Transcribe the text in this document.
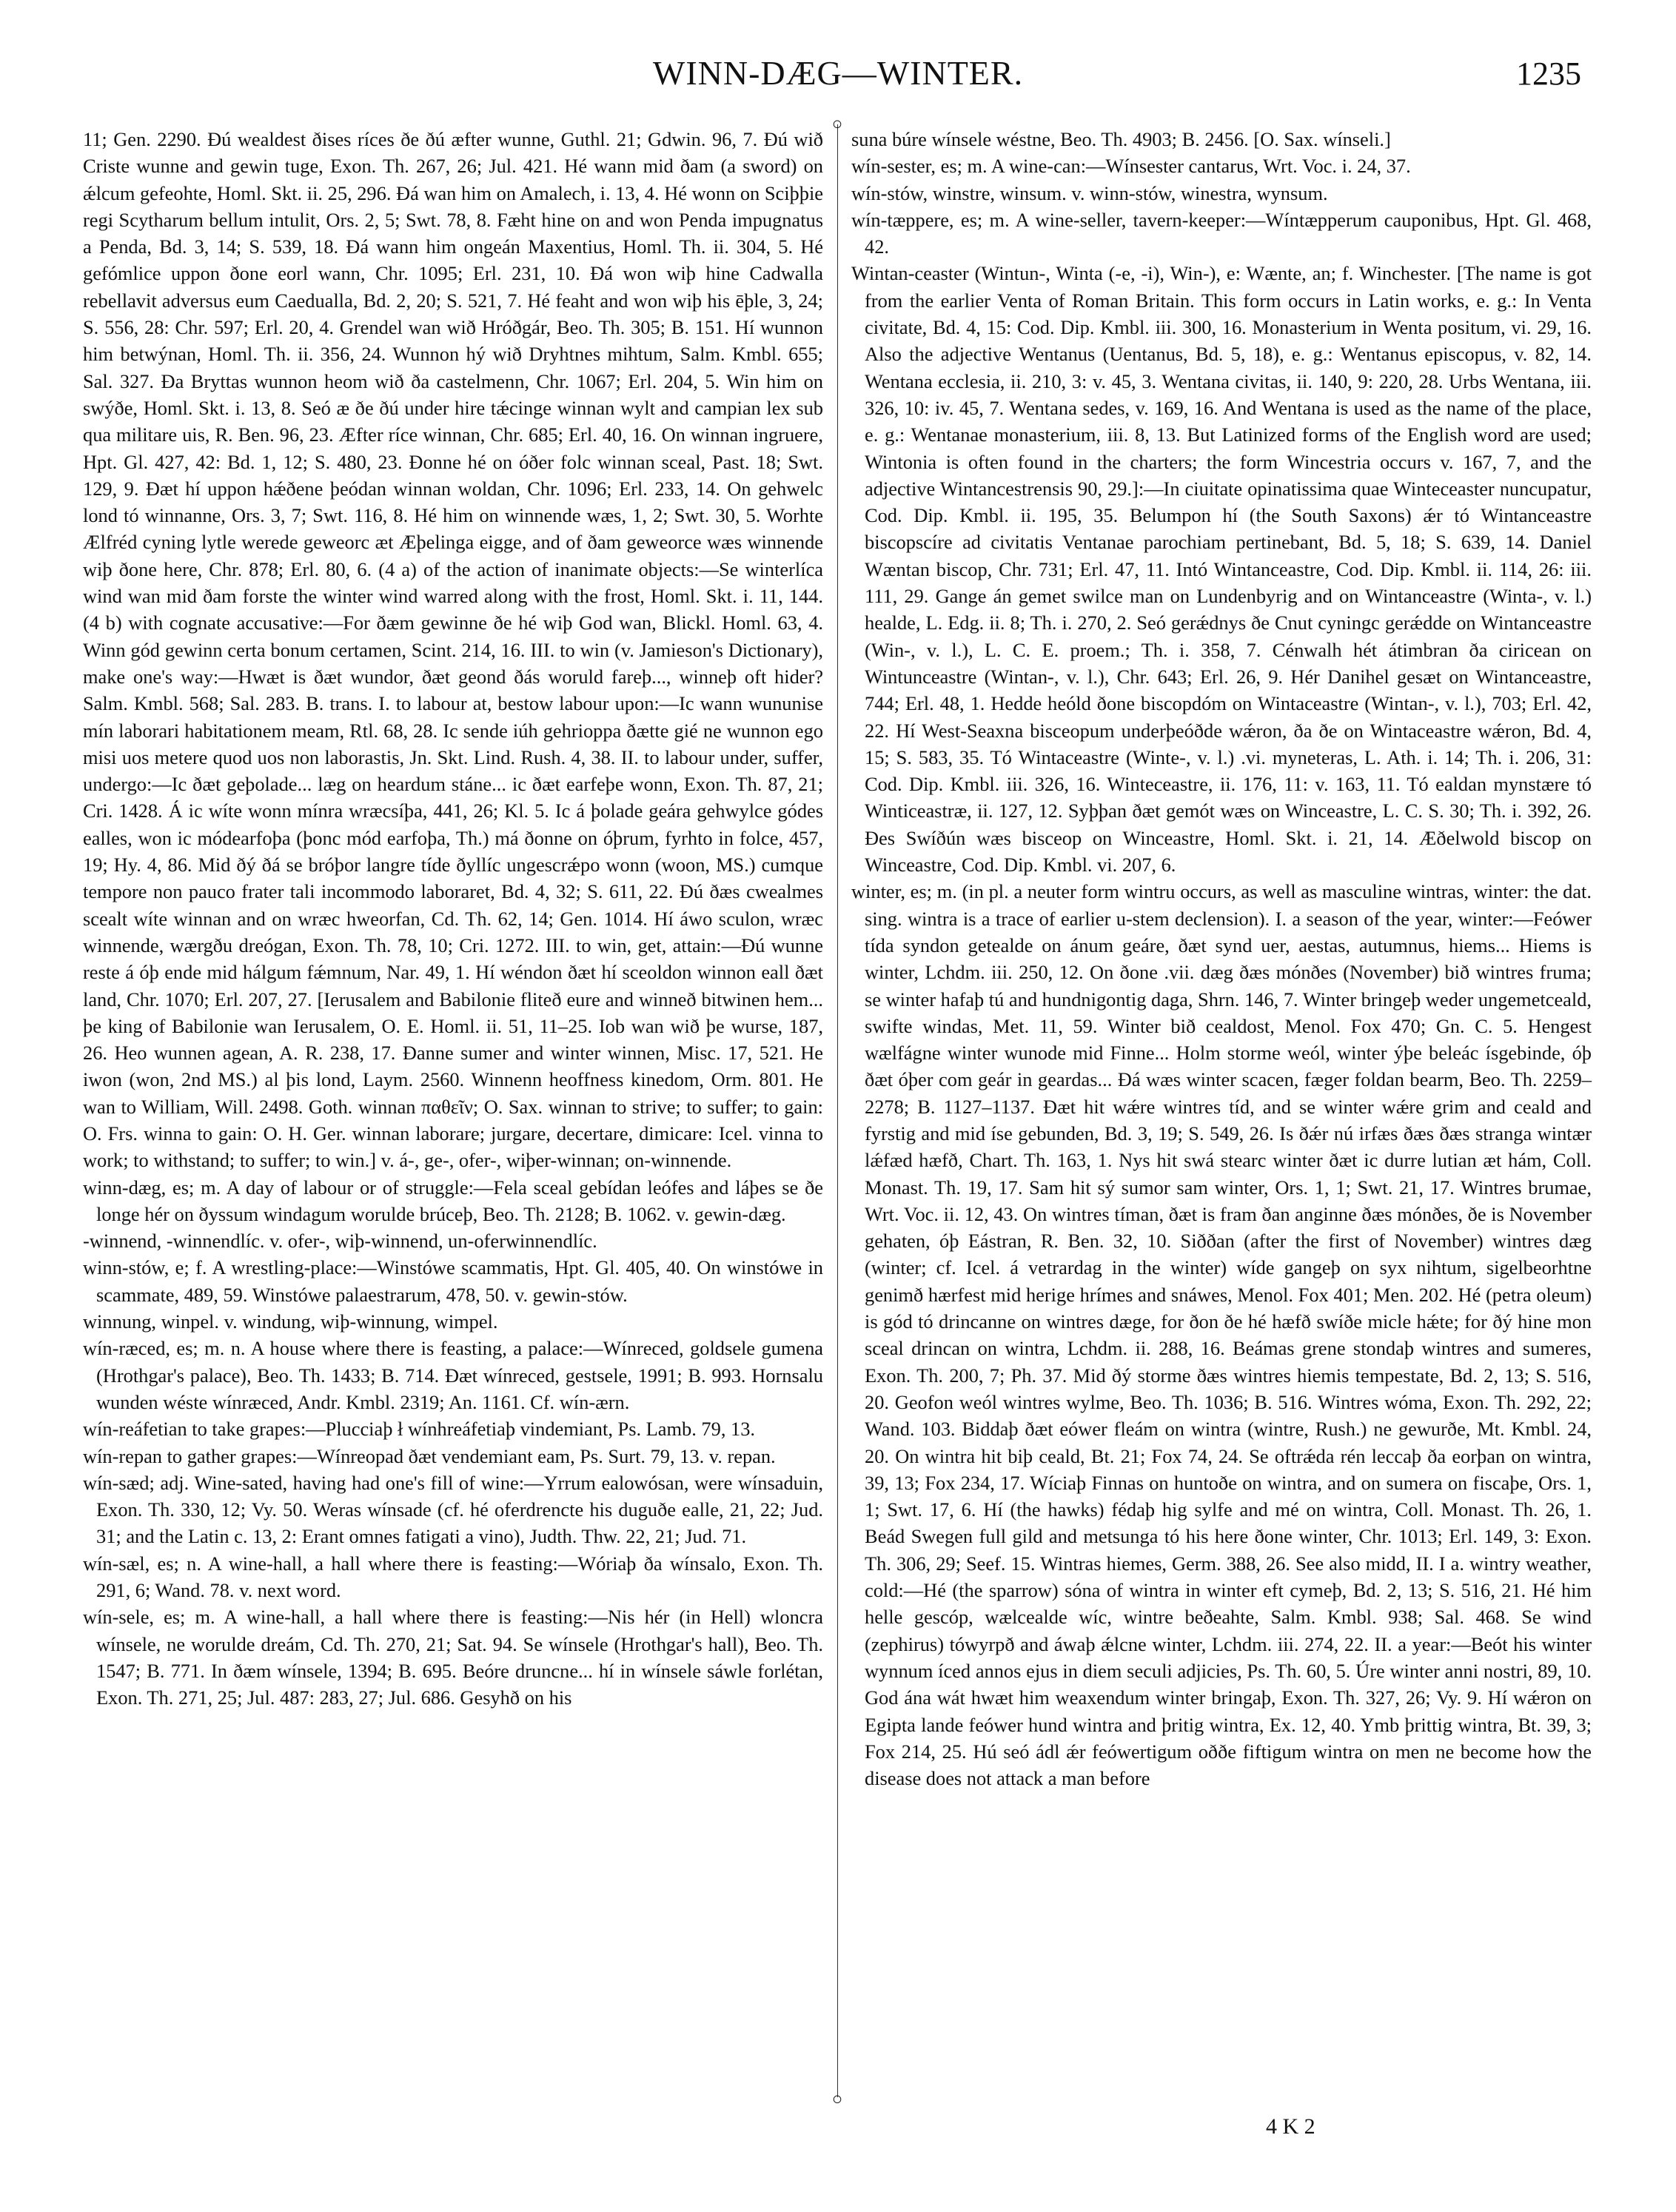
WINN-DÆG—WINTER.	1235

11; Gen. 2290. Ðú wealdest ðises ríces ðe ðú æfter wunne, Guthl. 21; Gdwin. 96, 7. Ðú wið Criste wunne and gewin tuge, Exon. Th. 267, 26; Jul. 421. Hé wann mid ðam (a sword) on ǽlcum gefeohte, Homl. Skt. ii. 25, 296. Ðá wan him on Amalech, i. 13, 4. Hé wonn on Sciþþie regi Scytharum bellum intulit, Ors. 2, 5; Swt. 78, 8. Fæht hine on and won Penda impugnatus a Penda, Bd. 3, 14; S. 539, 18. Ðá wann him ongeán Maxentius, Homl. Th. ii. 304, 5. Hé gefómlice uppon ðone eorl wann, Chr. 1095; Erl. 231, 10. Ðá won wiþ hine Cadwalla rebellavit adversus eum Caedualla, Bd. 2, 20; S. 521, 7. Hé feaht and won wiþ his ēþle, 3, 24; S. 556, 28: Chr. 597; Erl. 20, 4. Grendel wan wið Hróðgár, Beo. Th. 305; B. 151. Hí wunnon him betwýnan, Homl. Th. ii. 356, 24. Wunnon hý wið Dryhtnes mihtum, Salm. Kmbl. 655; Sal. 327. Ða Bryttas wunnon heom wið ða castelmenn, Chr. 1067; Erl. 204, 5. Win him on swýðe, Homl. Skt. i. 13, 8. Seó æ ðe ðú under hire tǽcinge winnan wylt and campian lex sub qua militare uis, R. Ben. 96, 23. Æfter ríce winnan, Chr. 685; Erl. 40, 16. On winnan ingruere, Hpt. Gl. 427, 42: Bd. 1, 12; S. 480, 23. Ðonne hé on óðer folc winnan sceal, Past. 18; Swt. 129, 9. Ðæt hí uppon hǽðene þeódan winnan woldan, Chr. 1096; Erl. 233, 14. On gehwelc lond tó winnanne, Ors. 3, 7; Swt. 116, 8. Hé him on winnende wæs, 1, 2; Swt. 30, 5. Worhte Ælfréd cyning lytle werede geweorc æt Æþelinga eigge, and of ðam geweorce wæs winnende wiþ ðone here, Chr. 878; Erl. 80, 6. (4 a) of the action of inanimate objects:—Se winterlíca wind wan mid ðam forste the winter wind warred along with the frost, Homl. Skt. i. 11, 144. (4 b) with cognate accusative:—For ðæm gewinne ðe hé wiþ God wan, Blickl. Homl. 63, 4. Winn gód gewinn certa bonum certamen, Scint. 214, 16. III. to win (v. Jamieson's Dictionary), make one's way:—Hwæt is ðæt wundor, ðæt geond ðás woruld fareþ..., winneþ oft hider? Salm. Kmbl. 568; Sal. 283. B. trans. I. to labour at, bestow labour upon:—Ic wann wununise mín laborari habitationem meam, Rtl. 68, 28. Ic sende iúh gehrioppa ðætte gié ne wunnon ego misi uos metere quod uos non laborastis, Jn. Skt. Lind. Rush. 4, 38. II. to labour under, suffer, undergo:—Ic ðæt geþolade... læg on heardum stáne... ic ðæt earfeþe wonn, Exon. Th. 87, 21; Cri. 1428. Á ic wíte wonn mínra wræcsíþa, 441, 26; Kl. 5. Ic á þolade geára gehwylce gódes ealles, won ic módearfoþa (þonc mód earfoþa, Th.) má ðonne on óþrum, fyrhto in folce, 457, 19; Hy. 4, 86. Mid ðý ðá se bróþor langre tíde ðyllíc ungescrǽpo wonn (woon, MS.) cumque tempore non pauco frater tali incommodo laboraret, Bd. 4, 32; S. 611, 22. Ðú ðæs cwealmes scealt wíte winnan and on wræc hweorfan, Cd. Th. 62, 14; Gen. 1014. Hí áwo sculon, wræc winnende, wærgðu dreógan, Exon. Th. 78, 10; Cri. 1272. III. to win, get, attain:—Ðú wunne reste á óþ ende mid hálgum fǽmnum, Nar. 49, 1. Hí wéndon ðæt hí sceoldon winnon eall ðæt land, Chr. 1070; Erl. 207, 27. [Ierusalem and Babilonie fliteð eure and winneð bitwinen hem... þe king of Babilonie wan Ierusalem, O. E. Homl. ii. 51, 11–25. Iob wan wið þe wurse, 187, 26. Heo wunnen agean, A. R. 238, 17. Ðanne sumer and winter winnen, Misc. 17, 521. He iwon (won, 2nd MS.) al þis lond, Laym. 2560. Winnenn heoffness kinedom, Orm. 801. He wan to William, Will. 2498. Goth. winnan παθεῖν; O. Sax. winnan to strive; to suffer; to gain: O. Frs. winna to gain: O. H. Ger. winnan laborare; jurgare, decertare, dimicare: Icel. vinna to work; to withstand; to suffer; to win.] v. á-, ge-, ofer-, wiþer-winnan; on-winnende.

winn-dæg, es; m. A day of labour or of struggle:—Fela sceal gebídan leófes and láþes se ðe longe hér on ðyssum windagum worulde brúceþ, Beo. Th. 2128; B. 1062. v. gewin-dæg.

-winnend, -winnendlíc. v. ofer-, wiþ-winnend, un-oferwinnendlíc.

winn-stów, e; f. A wrestling-place:—Winstówe scammatis, Hpt. Gl. 405, 40. On winstówe in scammate, 489, 59. Winstówe palaestrarum, 478, 50. v. gewin-stów.

winnung, winpel. v. windung, wiþ-winnung, wimpel.

wín-ræced, es; m. n. A house where there is feasting, a palace:—Wínreced, goldsele gumena (Hrothgar's palace), Beo. Th. 1433; B. 714. Ðæt wínreced, gestsele, 1991; B. 993. Hornsalu wunden wéste wínræced, Andr. Kmbl. 2319; An. 1161. Cf. wín-ærn.

wín-reáfetian to take grapes:—Plucciaþ ł wínhreáfetiaþ vindemiant, Ps. Lamb. 79, 13.

wín-repan to gather grapes:—Wínreopad ðæt vendemiant eam, Ps. Surt. 79, 13. v. repan.

wín-sæd; adj. Wine-sated, having had one's fill of wine:—Yrrum ealowósan, were wínsaduin, Exon. Th. 330, 12; Vy. 50. Weras wínsade (cf. hé oferdrencte his duguðe ealle, 21, 22; Jud. 31; and the Latin c. 13, 2: Erant omnes fatigati a vino), Judth. Thw. 22, 21; Jud. 71.

wín-sæl, es; n. A wine-hall, a hall where there is feasting:—Wóriaþ ða wínsalo, Exon. Th. 291, 6; Wand. 78. v. next word.

wín-sele, es; m. A wine-hall, a hall where there is feasting:—Nis hér (in Hell) wloncra wínsele, ne worulde dreám, Cd. Th. 270, 21; Sat. 94. Se wínsele (Hrothgar's hall), Beo. Th. 1547; B. 771. In ðæm wínsele, 1394; B. 695. Beóre druncne... hí in wínsele sáwle forlétan, Exon. Th. 271, 25; Jul. 487: 283, 27; Jul. 686. Gesyhð on his

○
○

suna búre wínsele wéstne, Beo. Th. 4903; B. 2456. [O. Sax. wínseli.]

wín-sester, es; m. A wine-can:—Wínsester cantarus, Wrt. Voc. i. 24, 37.

wín-stów, winstre, winsum. v. winn-stów, winestra, wynsum.

wín-tæppere, es; m. A wine-seller, tavern-keeper:—Wíntæpperum cauponibus, Hpt. Gl. 468, 42.

Wintan-ceaster (Wintun-, Winta (-e, -i), Win-), e: Wænte, an; f. Winchester. [The name is got from the earlier Venta of Roman Britain. This form occurs in Latin works, e. g.: In Venta civitate, Bd. 4, 15: Cod. Dip. Kmbl. iii. 300, 16. Monasterium in Wenta positum, vi. 29, 16. Also the adjective Wentanus (Uentanus, Bd. 5, 18), e. g.: Wentanus episcopus, v. 82, 14. Wentana ecclesia, ii. 210, 3: v. 45, 3. Wentana civitas, ii. 140, 9: 220, 28. Urbs Wentana, iii. 326, 10: iv. 45, 7. Wentana sedes, v. 169, 16. And Wentana is used as the name of the place, e. g.: Wentanae monasterium, iii. 8, 13. But Latinized forms of the English word are used; Wintonia is often found in the charters; the form Wincestria occurs v. 167, 7, and the adjective Wintancestrensis 90, 29.]:—In ciuitate opinatissima quae Winteceaster nuncupatur, Cod. Dip. Kmbl. ii. 195, 35. Belumpon hí (the South Saxons) ǽr tó Wintanceastre biscopscíre ad civitatis Ventanae parochiam pertinebant, Bd. 5, 18; S. 639, 14. Daniel Wæntan biscop, Chr. 731; Erl. 47, 11. Intó Wintanceastre, Cod. Dip. Kmbl. ii. 114, 26: iii. 111, 29. Gange án gemet swilce man on Lundenbyrig and on Wintanceastre (Winta-, v. l.) healde, L. Edg. ii. 8; Th. i. 270, 2. Seó gerǽdnys ðe Cnut cyningc gerǽdde on Wintanceastre (Win-, v. l.), L. C. E. proem.; Th. i. 358, 7. Cénwalh hét átimbran ða ciricean on Wintunceastre (Wintan-, v. l.), Chr. 643; Erl. 26, 9. Hér Danihel gesæt on Wintanceastre, 744; Erl. 48, 1. Hedde heóld ðone biscopdóm on Wintaceastre (Wintan-, v. l.), 703; Erl. 42, 22. Hí West-Seaxna bisceopum underþeóðde wǽron, ða ðe on Wintaceastre wǽron, Bd. 4, 15; S. 583, 35. Tó Wintaceastre (Winte-, v. l.) .vi. myneteras, L. Ath. i. 14; Th. i. 206, 31: Cod. Dip. Kmbl. iii. 326, 16. Winteceastre, ii. 176, 11: v. 163, 11. Tó ealdan mynstære tó Winticeastræ, ii. 127, 12. Syþþan ðæt gemót wæs on Winceastre, L. C. S. 30; Th. i. 392, 26. Ðes Swíðún wæs bisceop on Winceastre, Homl. Skt. i. 21, 14. Æðelwold biscop on Winceastre, Cod. Dip. Kmbl. vi. 207, 6.

winter, es; m. (in pl. a neuter form wintru occurs, as well as masculine wintras, winter: the dat. sing. wintra is a trace of earlier u-stem declension). I. a season of the year, winter:—Feówer tída syndon getealde on ánum geáre, ðæt synd uer, aestas, autumnus, hiems... Hiems is winter, Lchdm. iii. 250, 12. On ðone .vii. dæg ðæs mónðes (November) bið wintres fruma; se winter hafaþ tú and hundnigontig daga, Shrn. 146, 7. Winter bringeþ weder ungemetceald, swifte windas, Met. 11, 59. Winter bið cealdost, Menol. Fox 470; Gn. C. 5. Hengest wælfágne winter wunode mid Finne... Holm storme weól, winter ýþe beleác ísgebinde, óþ ðæt óþer com geár in geardas... Ðá wæs winter scacen, fæger foldan bearm, Beo. Th. 2259–2278; B. 1127–1137. Ðæt hit wǽre wintres tíd, and se winter wǽre grim and ceald and fyrstig and mid íse gebunden, Bd. 3, 19; S. 549, 26. Is ðǽr nú irfæs ðæs ðæs stranga wintær lǽfæd hæfð, Chart. Th. 163, 1. Nys hit swá stearc winter ðæt ic durre lutian æt hám, Coll. Monast. Th. 19, 17. Sam hit sý sumor sam winter, Ors. 1, 1; Swt. 21, 17. Wintres brumae, Wrt. Voc. ii. 12, 43. On wintres tíman, ðæt is fram ðan anginne ðæs mónðes, ðe is November gehaten, óþ Eástran, R. Ben. 32, 10. Siððan (after the first of November) wintres dæg (winter; cf. Icel. á vetrardag in the winter) wíde gangeþ on syx nihtum, sigelbeorhtne genimð hærfest mid herige hrímes and snáwes, Menol. Fox 401; Men. 202. Hé (petra oleum) is gód tó drincanne on wintres dæge, for ðon ðe hé hæfð swíðe micle hǽte; for ðý hine mon sceal drincan on wintra, Lchdm. ii. 288, 16. Beámas grene stondaþ wintres and sumeres, Exon. Th. 200, 7; Ph. 37. Mid ðý storme ðæs wintres hiemis tempestate, Bd. 2, 13; S. 516, 20. Geofon weól wintres wylme, Beo. Th. 1036; B. 516. Wintres wóma, Exon. Th. 292, 22; Wand. 103. Biddaþ ðæt eówer fleám on wintra (wintre, Rush.) ne gewurðe, Mt. Kmbl. 24, 20. On wintra hit biþ ceald, Bt. 21; Fox 74, 24. Se oftrǽda rén leccaþ ða eorþan on wintra, 39, 13; Fox 234, 17. Wíciaþ Finnas on huntoðe on wintra, and on sumera on fiscaþe, Ors. 1, 1; Swt. 17, 6. Hí (the hawks) fédaþ hig sylfe and mé on wintra, Coll. Monast. Th. 26, 1. Beád Swegen full gild and metsunga tó his here ðone winter, Chr. 1013; Erl. 149, 3: Exon. Th. 306, 29; Seef. 15. Wintras hiemes, Germ. 388, 26. See also midd, II. I a. wintry weather, cold:—Hé (the sparrow) sóna of wintra in winter eft cymeþ, Bd. 2, 13; S. 516, 21. Hé him helle gescóp, wælcealde wíc, wintre beðeahte, Salm. Kmbl. 938; Sal. 468. Se wind (zephirus) tówyrpð and áwaþ ǽlcne winter, Lchdm. iii. 274, 22. II. a year:—Beót his winter wynnum íced annos ejus in diem seculi adjicies, Ps. Th. 60, 5. Úre winter anni nostri, 89, 10. God ána wát hwæt him weaxendum winter bringaþ, Exon. Th. 327, 26; Vy. 9. Hí wǽron on Egipta lande feówer hund wintra and þritig wintra, Ex. 12, 40. Ymb þrittig wintra, Bt. 39, 3; Fox 214, 25. Hú seó ádl ǽr feówertigum oððe fiftigum wintra on men ne become how the disease does not attack a man before

4 K 2
